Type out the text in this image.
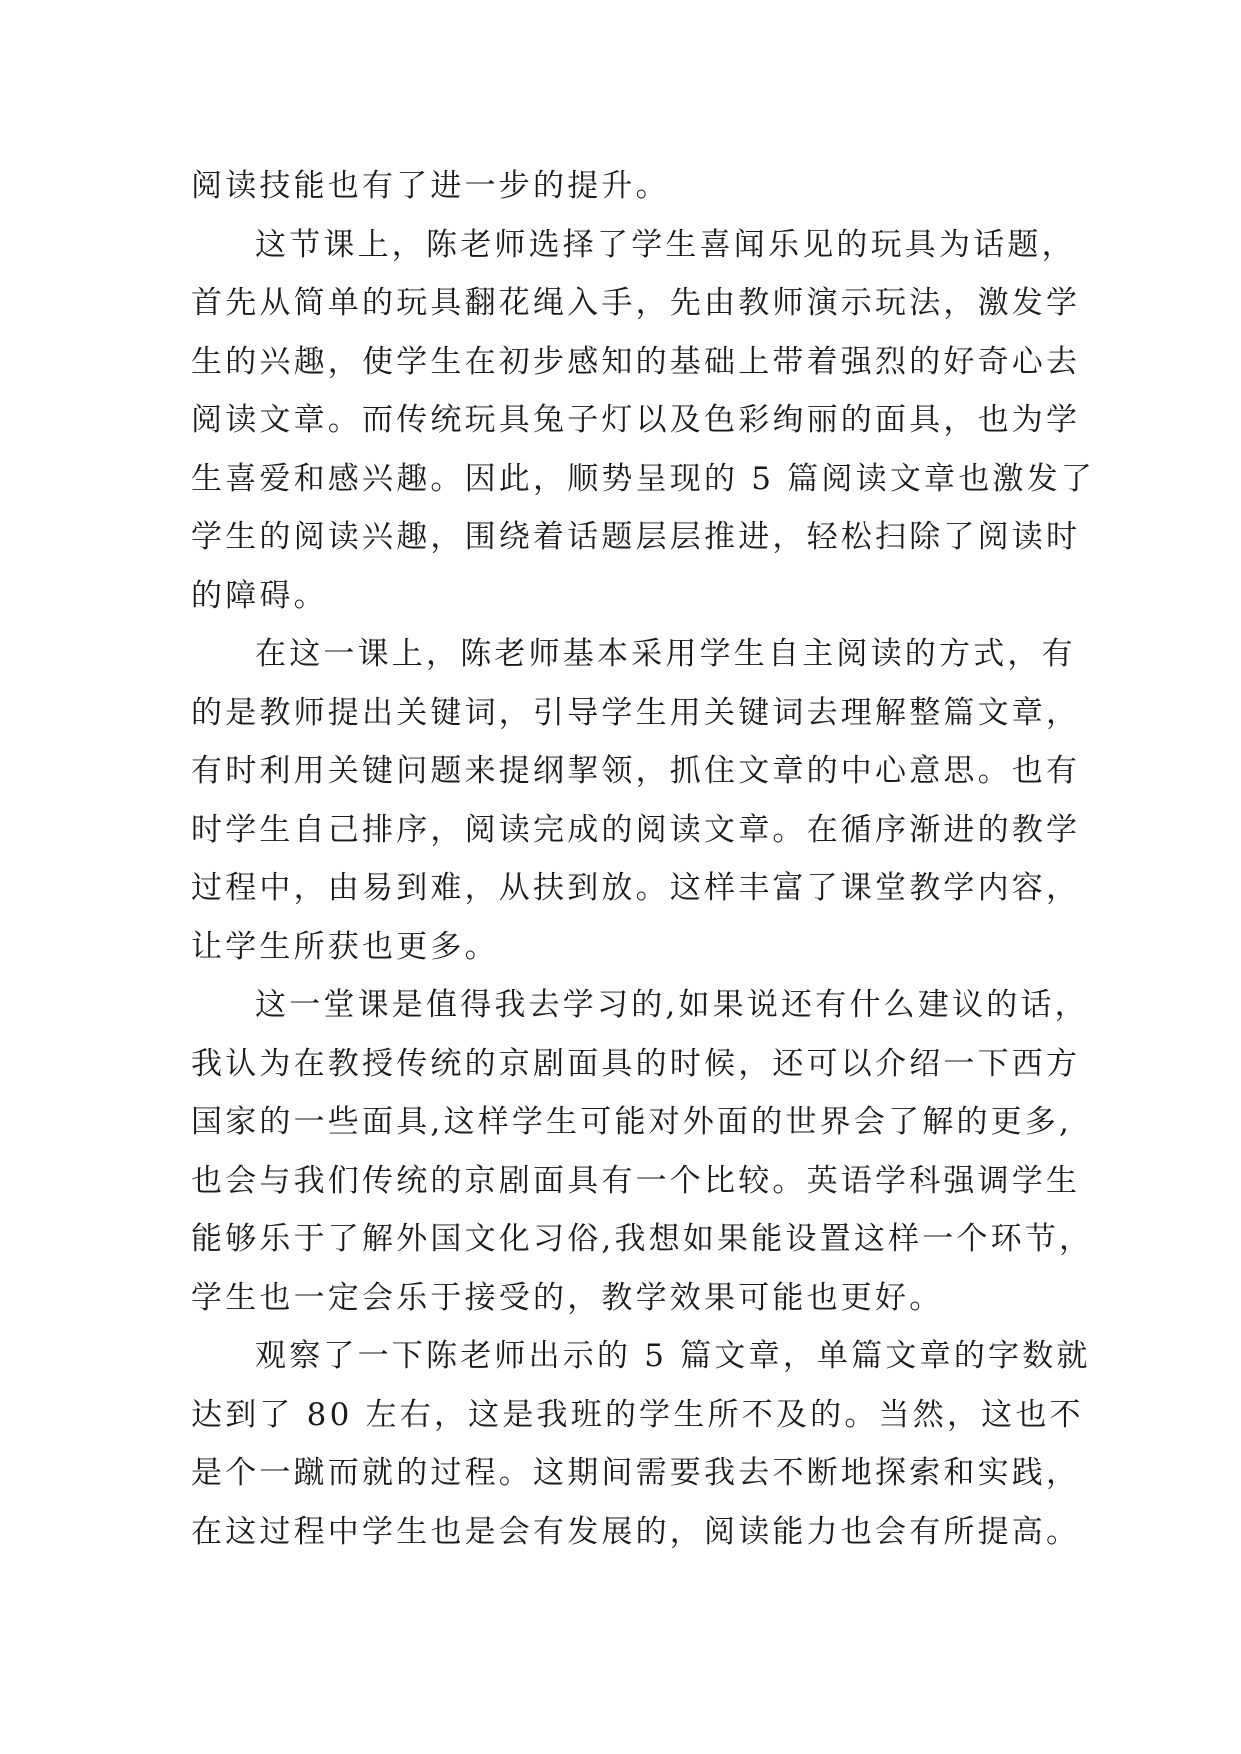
阅读技能也有了进一步的提升。
这节课上，陈老师选择了学生喜闻乐见的玩具为话题，
首先从简单的玩具翻花绳入手，先由教师演示玩法，激发学
生的兴趣，使学生在初步感知的基础上带着强烈的好奇心去
阅读文章。而传统玩具兔子灯以及色彩绚丽的面具，也为学
生喜爱和感兴趣。因此，顺势呈现的 5 篇阅读文章也激发了
学生的阅读兴趣，围绕着话题层层推进，轻松扫除了阅读时
的障碍。
在这一课上，陈老师基本采用学生自主阅读的方式，有
的是教师提出关键词，引导学生用关键词去理解整篇文章，
有时利用关键问题来提纲挈领，抓住文章的中心意思。也有
时学生自己排序，阅读完成的阅读文章。在循序渐进的教学
过程中，由易到难，从扶到放。这样丰富了课堂教学内容，
让学生所获也更多。
这一堂课是值得我去学习的,如果说还有什么建议的话，
我认为在教授传统的京剧面具的时候，还可以介绍一下西方
国家的一些面具,这样学生可能对外面的世界会了解的更多,
也会与我们传统的京剧面具有一个比较。英语学科强调学生
能够乐于了解外国文化习俗,我想如果能设置这样一个环节，
学生也一定会乐于接受的，教学效果可能也更好。
观察了一下陈老师出示的 5 篇文章，单篇文章的字数就
达到了 80 左右，这是我班的学生所不及的。当然，这也不
是个一蹴而就的过程。这期间需要我去不断地探索和实践，
在这过程中学生也是会有发展的，阅读能力也会有所提高。
